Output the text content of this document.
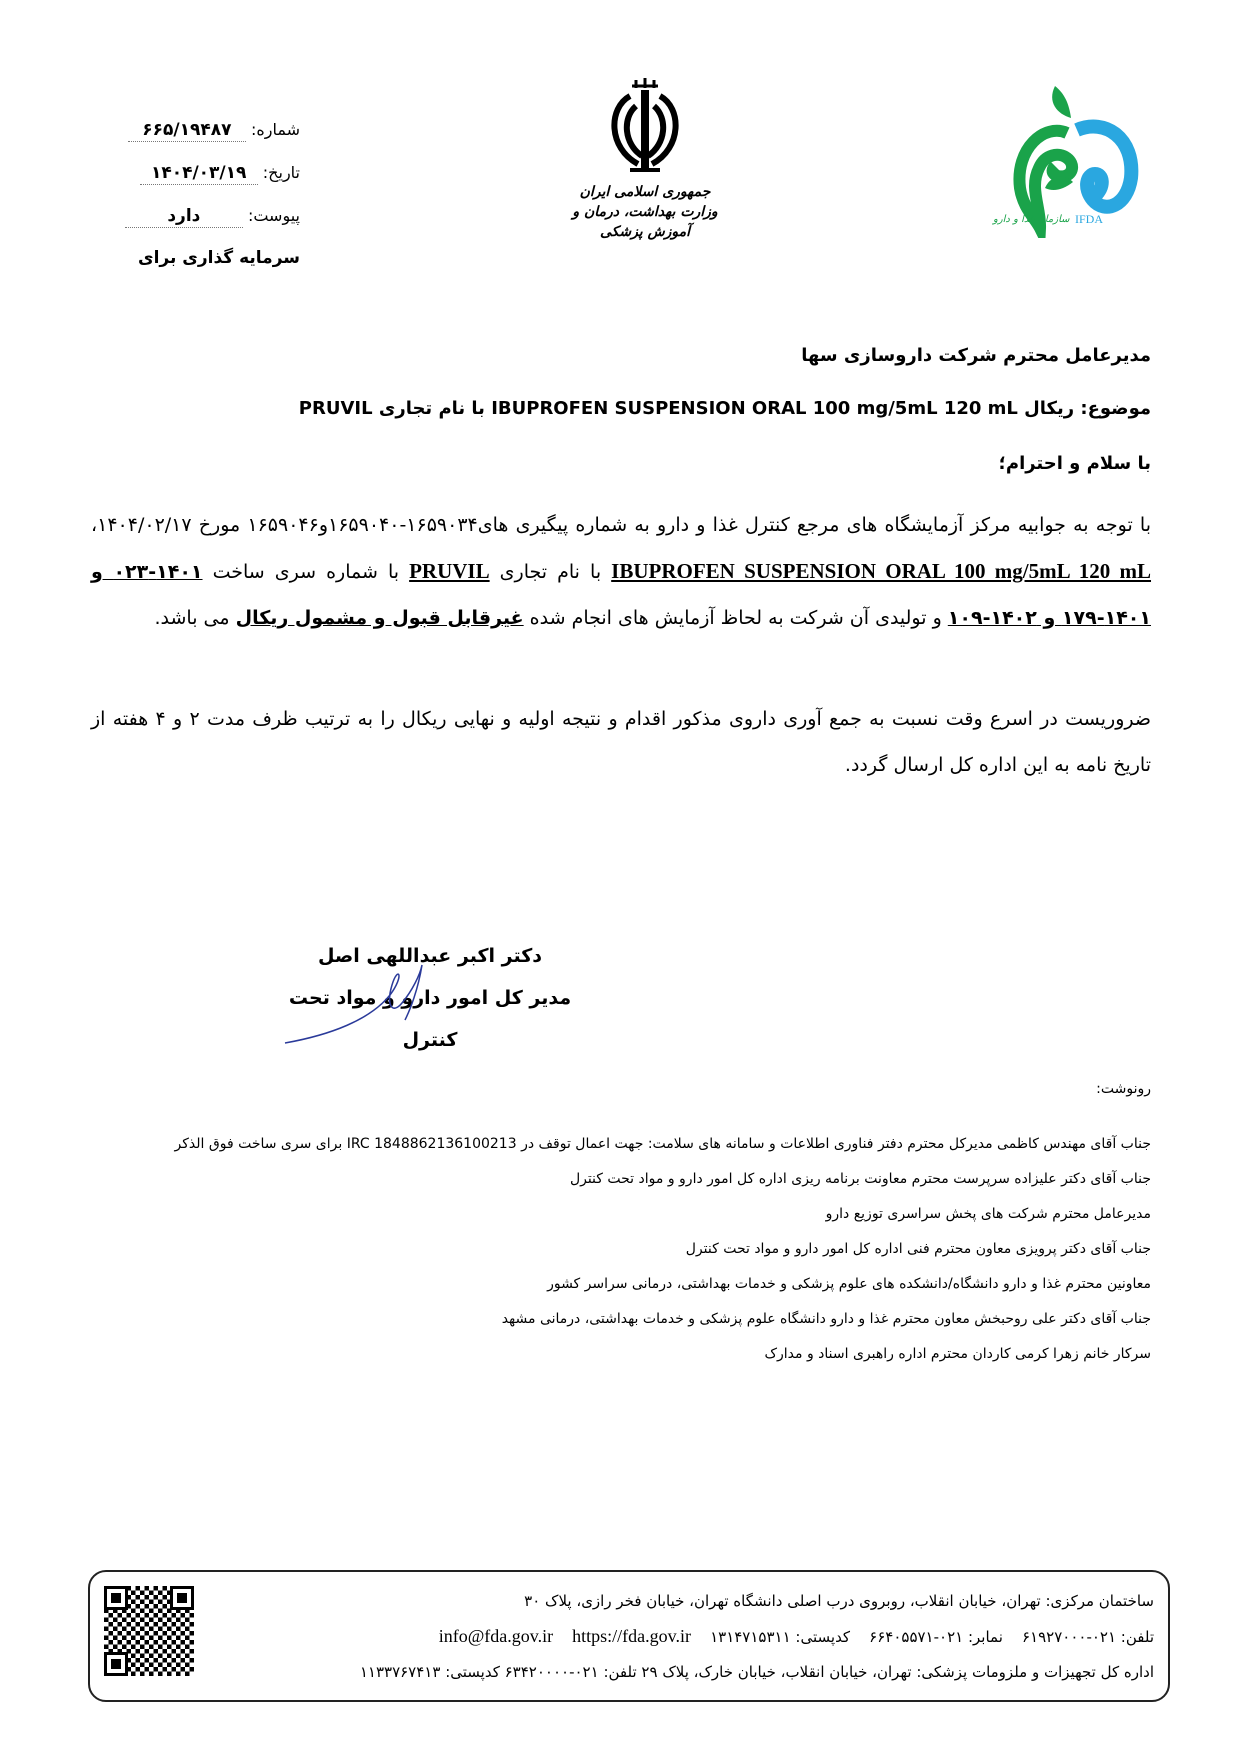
شماره: ۶۶۵/۱۹۴۸۷
تاریخ: ۱۴۰۴/۰۳/۱۹
پیوست: دارد
سرمایه گذاری برای
جمهوری اسلامی ایران
وزارت بهداشت، درمان و آموزش پزشکی
سازمان غذا و دارو IFDA
مدیرعامل محترم شرکت داروسازی سها
موضوع: ریکال IBUPROFEN SUSPENSION ORAL 100 mg/5mL 120 mL با نام تجاری PRUVIL
با سلام و احترام؛
با توجه به جوابیه مرکز آزمایشگاه های مرجع کنترل غذا و دارو به شماره پیگیری های۱۶۵۹۰۳۴-۱۶۵۹۰۴۰و۱۶۵۹۰۴۶ مورخ ۱۴۰۴/۰۲/۱۷، IBUPROFEN SUSPENSION ORAL 100 mg/5mL 120 mL با نام تجاری PRUVIL با شماره سری ساخت ۱۴۰۱-۰۲۳ و ۱۴۰۱-۱۷۹ و ۱۴۰۲-۱۰۹ و تولیدی آن شرکت به لحاظ آزمایش های انجام شده غیرقابل قبول و مشمول ریکال می باشد.
ضروریست در اسرع وقت نسبت به جمع آوری داروی مذکور اقدام و نتیجه اولیه و نهایی ریکال را به ترتیب ظرف مدت ۲ و ۴ هفته از تاریخ نامه به این اداره کل ارسال گردد.
دکتر اکبر عبداللهی اصل
مدیر کل امور دارو و مواد تحت کنترل
رونوشت:
جناب آقای مهندس کاظمی مدیرکل محترم دفتر فناوری اطلاعات و سامانه های سلامت: جهت اعمال توقف در IRC 1848862136100213 برای سری ساخت فوق الذکر
جناب آقای دکتر علیزاده سرپرست محترم معاونت برنامه ریزی اداره کل امور دارو و مواد تحت کنترل
مدیرعامل محترم شرکت های پخش سراسری توزیع دارو
جناب آقای دکتر پرویزی معاون محترم فنی اداره کل امور دارو و مواد تحت کنترل
معاونین محترم غذا و دارو دانشگاه/دانشکده های علوم پزشکی و خدمات بهداشتی، درمانی سراسر کشور
جناب آقای دکتر علی روحبخش معاون محترم غذا و دارو دانشگاه علوم پزشکی و خدمات بهداشتی، درمانی مشهد
سرکار خانم زهرا کرمی کاردان محترم اداره راهبری اسناد و مدارک
ساختمان مرکزی: تهران، خیابان انقلاب، روبروی درب اصلی دانشگاه تهران، خیابان فخر رازی، پلاک ۳۰
تلفن: ۰۲۱-۶۱۹۲۷۰۰۰    نمابر: ۰۲۱-۶۶۴۰۵۵۷۱    کدپستی: ۱۳۱۴۷۱۵۳۱۱    info@fda.gov.ir https://fda.gov.ir
اداره کل تجهیزات و ملزومات پزشکی: تهران، خیابان انقلاب، خیابان خارک، پلاک ۲۹ تلفن: ۰۲۱-۶۳۴۲۰۰۰۰ کدپستی: ۱۱۳۳۷۶۷۴۱۳
